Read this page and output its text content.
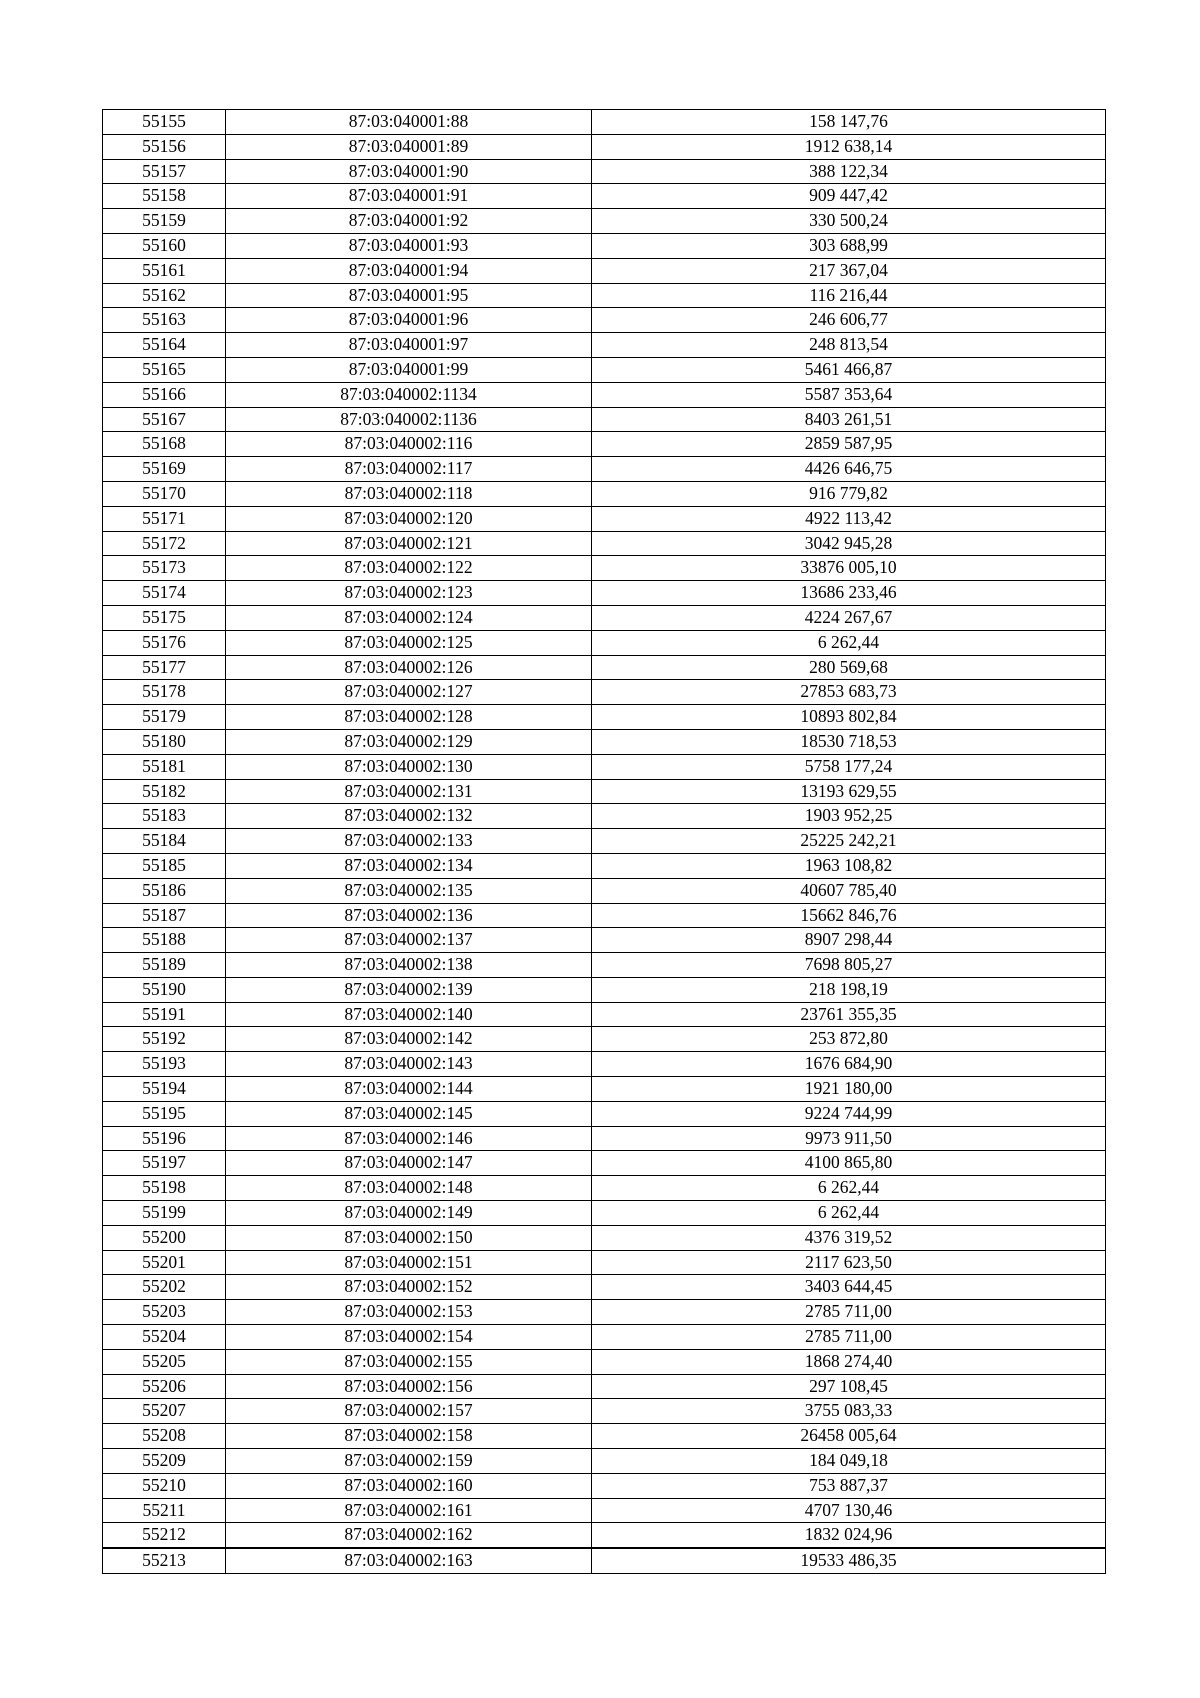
55155	87:03:040001:88	158 147,76
55156	87:03:040001:89	1912 638,14
55157	87:03:040001:90	388 122,34
55158	87:03:040001:91	909 447,42
55159	87:03:040001:92	330 500,24
55160	87:03:040001:93	303 688,99
55161	87:03:040001:94	217 367,04
55162	87:03:040001:95	116 216,44
55163	87:03:040001:96	246 606,77
55164	87:03:040001:97	248 813,54
55165	87:03:040001:99	5461 466,87
55166	87:03:040002:1134	5587 353,64
55167	87:03:040002:1136	8403 261,51
55168	87:03:040002:116	2859 587,95
55169	87:03:040002:117	4426 646,75
55170	87:03:040002:118	916 779,82
55171	87:03:040002:120	4922 113,42
55172	87:03:040002:121	3042 945,28
55173	87:03:040002:122	33876 005,10
55174	87:03:040002:123	13686 233,46
55175	87:03:040002:124	4224 267,67
55176	87:03:040002:125	6 262,44
55177	87:03:040002:126	280 569,68
55178	87:03:040002:127	27853 683,73
55179	87:03:040002:128	10893 802,84
55180	87:03:040002:129	18530 718,53
55181	87:03:040002:130	5758 177,24
55182	87:03:040002:131	13193 629,55
55183	87:03:040002:132	1903 952,25
55184	87:03:040002:133	25225 242,21
55185	87:03:040002:134	1963 108,82
55186	87:03:040002:135	40607 785,40
55187	87:03:040002:136	15662 846,76
55188	87:03:040002:137	8907 298,44
55189	87:03:040002:138	7698 805,27
55190	87:03:040002:139	218 198,19
55191	87:03:040002:140	23761 355,35
55192	87:03:040002:142	253 872,80
55193	87:03:040002:143	1676 684,90
55194	87:03:040002:144	1921 180,00
55195	87:03:040002:145	9224 744,99
55196	87:03:040002:146	9973 911,50
55197	87:03:040002:147	4100 865,80
55198	87:03:040002:148	6 262,44
55199	87:03:040002:149	6 262,44
55200	87:03:040002:150	4376 319,52
55201	87:03:040002:151	2117 623,50
55202	87:03:040002:152	3403 644,45
55203	87:03:040002:153	2785 711,00
55204	87:03:040002:154	2785 711,00
55205	87:03:040002:155	1868 274,40
55206	87:03:040002:156	297 108,45
55207	87:03:040002:157	3755 083,33
55208	87:03:040002:158	26458 005,64
55209	87:03:040002:159	184 049,18
55210	87:03:040002:160	753 887,37
55211	87:03:040002:161	4707 130,46
55212	87:03:040002:162	1832 024,96
55213	87:03:040002:163	19533 486,35
